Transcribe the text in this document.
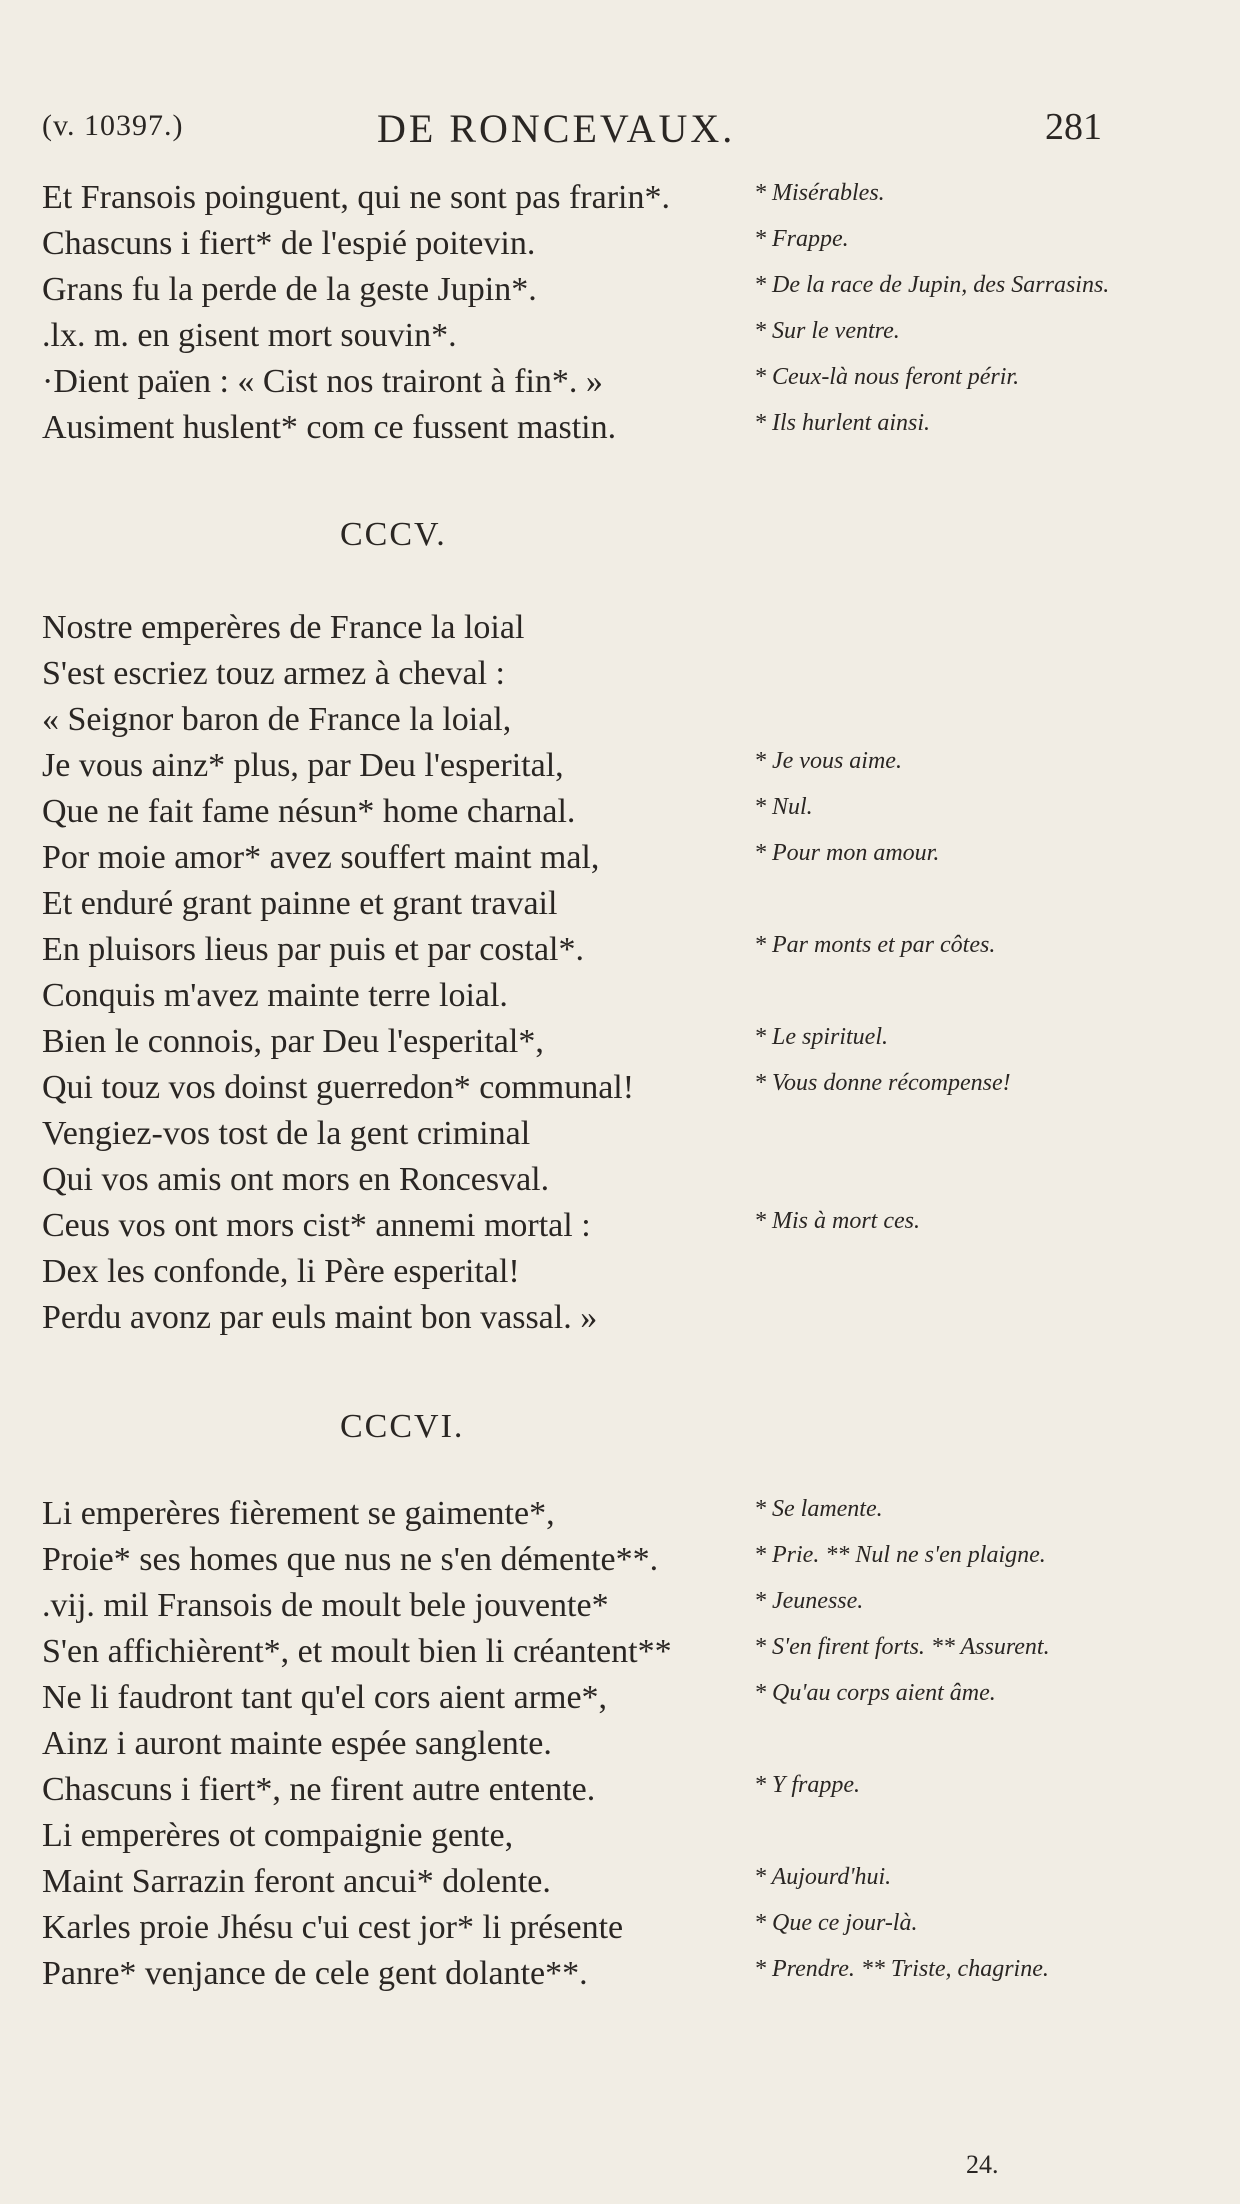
(v. 10397.)	DE RONCEVAUX.	281
Et Fransois poinguent, qui ne sont pas frarin*.	* Misérables.
Chascuns i fiert* de l'espié poitevin.	* Frappe.
Grans fu la perde de la geste Jupin*.	* De la race de Jupin, des Sarrasins.
.lx. m. en gisent mort souvin*.	* Sur le ventre.
·Dient païen : « Cist nos trairont à fin*. »	* Ceux-là nous feront périr.
Ausiment huslent* com ce fussent mastin.	* Ils hurlent ainsi.
CCCV.
Nostre emperères de France la loial
S'est escriez touz armez à cheval :
« Seignor baron de France la loial,
Je vous ainz* plus, par Deu l'esperital,	* Je vous aime.
Que ne fait fame nésun* home charnal.	* Nul.
Por moie amor* avez souffert maint mal,	* Pour mon amour.
Et enduré grant painne et grant travail
En pluisors lieus par puis et par costal*.	* Par monts et par côtes.
Conquis m'avez mainte terre loial.
Bien le connois, par Deu l'esperital*,	* Le spirituel.
Qui touz vos doinst guerredon* communal!	* Vous donne récompense!
Vengiez-vos tost de la gent criminal
Qui vos amis ont mors en Roncesval.
Ceus vos ont mors cist* annemi mortal :	* Mis à mort ces.
Dex les confonde, li Père esperital!
Perdu avonz par euls maint bon vassal. »
CCCVI.
Li emperères fièrement se gaimente*,	* Se lamente.
Proie* ses homes que nus ne s'en démente**.	* Prie. ** Nul ne s'en plaigne.
.vij. mil Fransois de moult bele jouvente*	* Jeunesse.
S'en affichièrent*, et moult bien li créantent**	* S'en firent forts. ** Assurent.
Ne li faudront tant qu'el cors aient arme*,	* Qu'au corps aient âme.
Ainz i auront mainte espée sanglente.
Chascuns i fiert*, ne firent autre entente.	* Y frappe.
Li emperères ot compaignie gente,
Maint Sarrazin feront ancui* dolente.	* Aujourd'hui.
Karles proie Jhésu c'ui cest jor* li présente	* Que ce jour-là.
Panre* venjance de cele gent dolante**.	* Prendre. ** Triste, chagrine.
24.
